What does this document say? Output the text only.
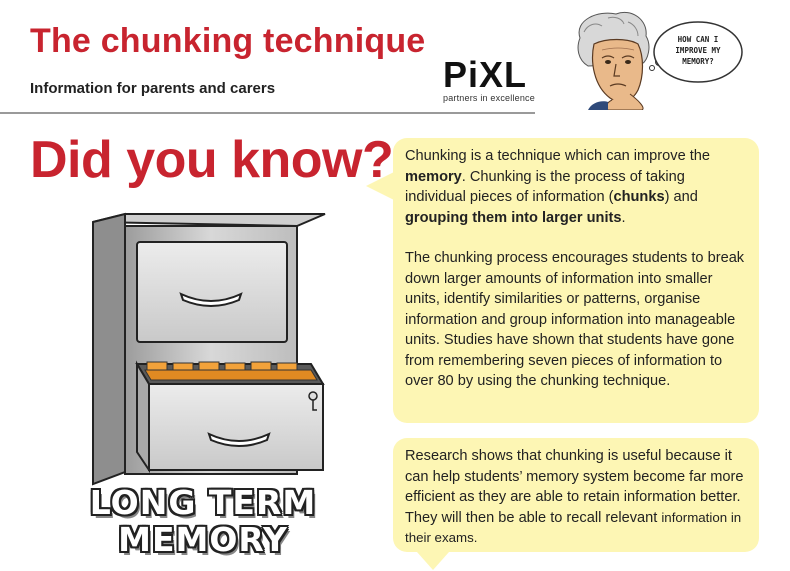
The chunking technique
Information for parents and carers	PiXL
partners in excellence
HOW CAN I
IMPROVE MY
MEMORY?
Did you know?
LONG TERM
MEMORY

Chunking is a technique which can improve the memory. Chunking is the process of taking individual pieces of information (chunks) and grouping them into larger units.

The chunking process encourages students to break down larger amounts of information into smaller units, identify similarities or patterns, organise information and group information into manageable units. Studies have shown that students have gone from remembering seven pieces of information to over 80 by using the chunking technique.

Research shows that chunking is useful because it can help students’ memory system become far more efficient as they are able to retain information better. They will then be able to recall relevant information in their exams.
